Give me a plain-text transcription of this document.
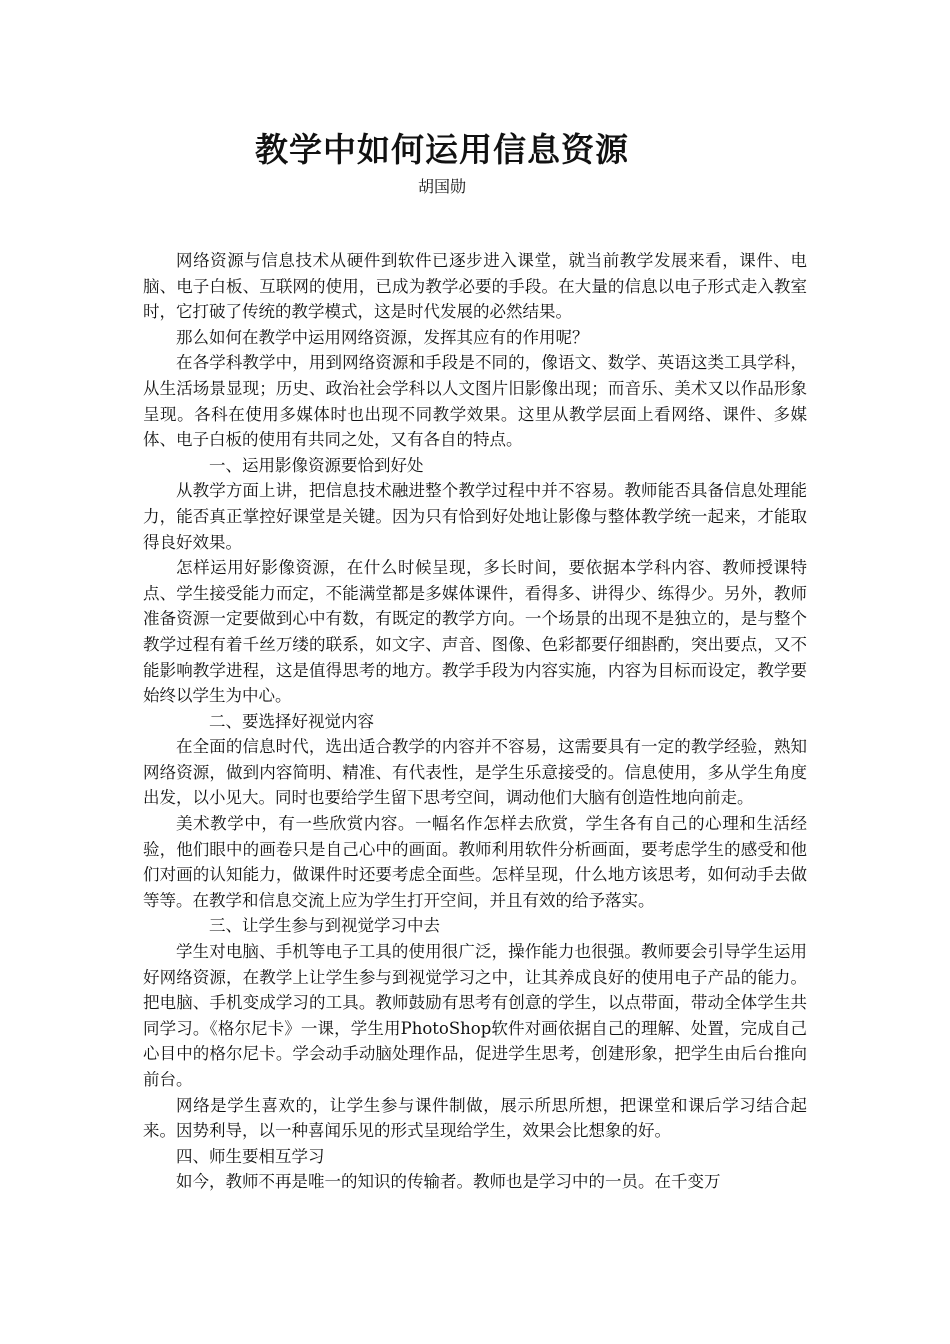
教学中如何运用信息资源

胡国勋

网络资源与信息技术从硬件到软件已逐步进入课堂，就当前教学发展来看，课件、电脑、电子白板、互联网的使用，已成为教学必要的手段。在大量的信息以电子形式走入教室时，它打破了传统的教学模式，这是时代发展的必然结果。

那么如何在教学中运用网络资源，发挥其应有的作用呢？

在各学科教学中，用到网络资源和手段是不同的，像语文、数学、英语这类工具学科，从生活场景显现；历史、政治社会学科以人文图片旧影像出现；而音乐、美术又以作品形象呈现。各科在使用多媒体时也出现不同教学效果。这里从教学层面上看网络、课件、多媒体、电子白板的使用有共同之处，又有各自的特点。

一、运用影像资源要恰到好处

从教学方面上讲，把信息技术融进整个教学过程中并不容易。教师能否具备信息处理能力，能否真正掌控好课堂是关键。因为只有恰到好处地让影像与整体教学统一起来，才能取得良好效果。

怎样运用好影像资源，在什么时候呈现，多长时间，要依据本学科内容、教师授课特点、学生接受能力而定，不能满堂都是多媒体课件，看得多、讲得少、练得少。另外，教师准备资源一定要做到心中有数，有既定的教学方向。一个场景的出现不是独立的，是与整个教学过程有着千丝万缕的联系，如文字、声音、图像、色彩都要仔细斟酌，突出要点，又不能影响教学进程，这是值得思考的地方。教学手段为内容实施，内容为目标而设定，教学要始终以学生为中心。

二、要选择好视觉内容

在全面的信息时代，选出适合教学的内容并不容易，这需要具有一定的教学经验，熟知网络资源，做到内容简明、精准、有代表性，是学生乐意接受的。信息使用，多从学生角度出发，以小见大。同时也要给学生留下思考空间，调动他们大脑有创造性地向前走。

美术教学中，有一些欣赏内容。一幅名作怎样去欣赏，学生各有自己的心理和生活经验，他们眼中的画卷只是自己心中的画面。教师利用软件分析画面，要考虑学生的感受和他们对画的认知能力，做课件时还要考虑全面些。怎样呈现，什么地方该思考，如何动手去做等等。在教学和信息交流上应为学生打开空间，并且有效的给予落实。

三、让学生参与到视觉学习中去

学生对电脑、手机等电子工具的使用很广泛，操作能力也很强。教师要会引导学生运用好网络资源，在教学上让学生参与到视觉学习之中，让其养成良好的使用电子产品的能力。把电脑、手机变成学习的工具。教师鼓励有思考有创意的学生，以点带面，带动全体学生共同学习。《格尔尼卡》一课，学生用PhotoShop软件对画依据自己的理解、处置，完成自己心目中的格尔尼卡。学会动手动脑处理作品，促进学生思考，创建形象，把学生由后台推向前台。

网络是学生喜欢的，让学生参与课件制做，展示所思所想，把课堂和课后学习结合起来。因势利导，以一种喜闻乐见的形式呈现给学生，效果会比想象的好。

四、师生要相互学习

如今，教师不再是唯一的知识的传输者。教师也是学习中的一员。在千变万
